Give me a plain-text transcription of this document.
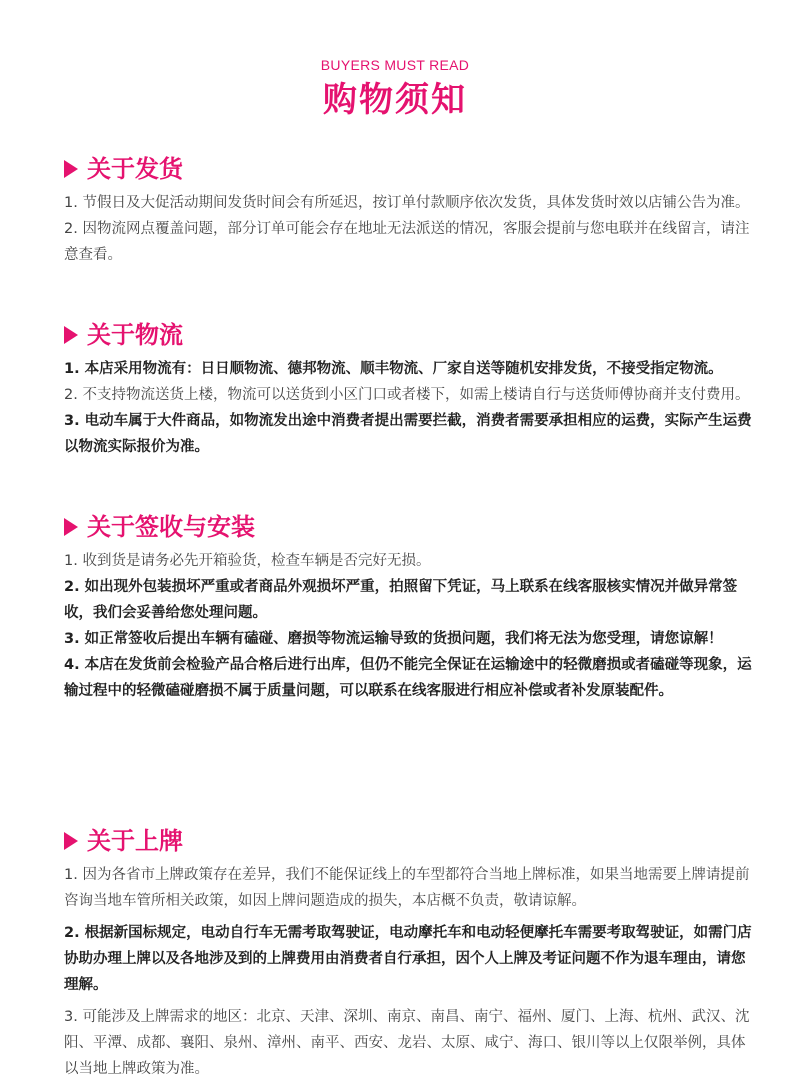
BUYERS MUST READ
购物须知
关于发货

1. 节假日及大促活动期间发货时间会有所延迟，按订单付款顺序依次发货，具体发货时效以店铺公告为准。

2. 因物流网点覆盖问题，部分订单可能会存在地址无法派送的情况，客服会提前与您电联并在线留言，请注意查看。

关于物流

1. 本店采用物流有：日日顺物流、德邦物流、顺丰物流、厂家自送等随机安排发货，不接受指定物流。

2. 不支持物流送货上楼，物流可以送货到小区门口或者楼下，如需上楼请自行与送货师傅协商并支付费用。

3. 电动车属于大件商品，如物流发出途中消费者提出需要拦截，消费者需要承担相应的运费，实际产生运费以物流实际报价为准。

关于签收与安装

1. 收到货是请务必先开箱验货，检查车辆是否完好无损。

2. 如出现外包装损坏严重或者商品外观损坏严重，拍照留下凭证，马上联系在线客服核实情况并做异常签收，我们会妥善给您处理问题。

3. 如正常签收后提出车辆有磕碰、磨损等物流运输导致的货损问题，我们将无法为您受理，请您谅解！

4. 本店在发货前会检验产品合格后进行出库，但仍不能完全保证在运输途中的轻微磨损或者磕碰等现象，运输过程中的轻微磕碰磨损不属于质量问题，可以联系在线客服进行相应补偿或者补发原装配件。

关于上牌

1. 因为各省市上牌政策存在差异，我们不能保证线上的车型都符合当地上牌标准，如果当地需要上牌请提前咨询当地车管所相关政策，如因上牌问题造成的损失，本店概不负责，敬请谅解。

2. 根据新国标规定，电动自行车无需考取驾驶证，电动摩托车和电动轻便摩托车需要考取驾驶证，如需门店协助办理上牌以及各地涉及到的上牌费用由消费者自行承担，因个人上牌及考证问题不作为退车理由，请您理解。

3. 可能涉及上牌需求的地区：北京、天津、深圳、南京、南昌、南宁、福州、厦门、上海、杭州、武汉、沈阳、平潭、成都、襄阳、泉州、漳州、南平、西安、龙岩、太原、咸宁、海口、银川等以上仅限举例，具体以当地上牌政策为准。
